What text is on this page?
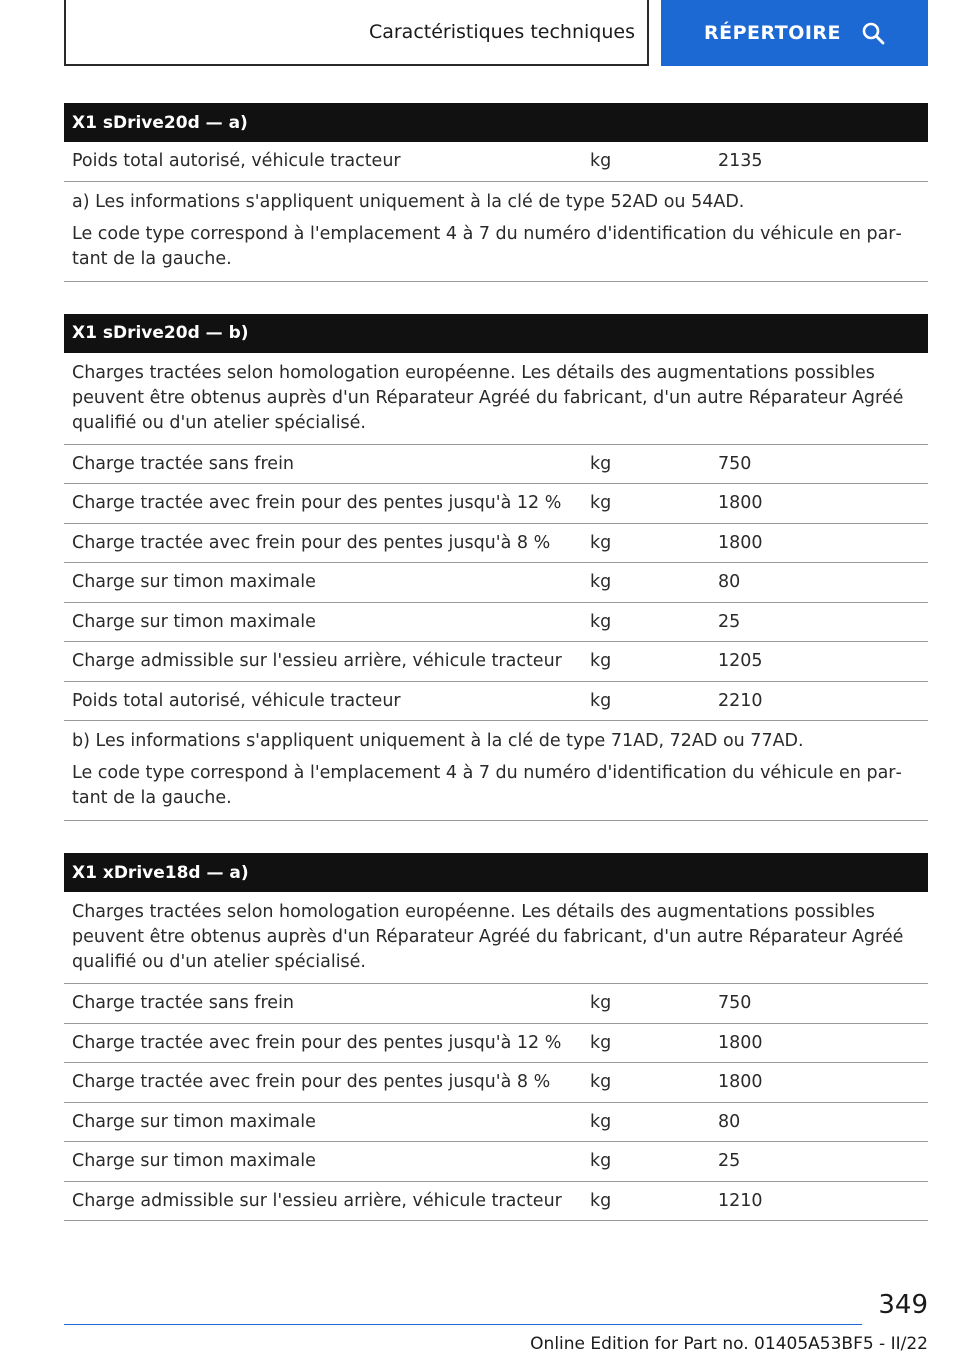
Caractéristiques techniques	RÉPERTOIRE
X1 sDrive20d — a)
Poids total autorisé, véhicule tracteur	kg	2135

a) Les informations s'appliquent uniquement à la clé de type 52AD ou 54AD.

Le code type correspond à l'emplacement 4 à 7 du numéro d'identification du véhicule en partant de la gauche.

X1 sDrive20d — b)
Charges tractées selon homologation européenne. Les détails des augmentations possibles peuvent être obtenus auprès d'un Réparateur Agréé du fabricant, d'un autre Réparateur Agréé qualifié ou d'un atelier spécialisé.
Charge tractée sans frein	kg	750
Charge tractée avec frein pour des pentes jusqu'à 12 %	kg	1800
Charge tractée avec frein pour des pentes jusqu'à 8 %	kg	1800
Charge sur timon maximale	kg	80
Charge sur timon maximale	kg	25
Charge admissible sur l'essieu arrière, véhicule tracteur	kg	1205
Poids total autorisé, véhicule tracteur	kg	2210

b) Les informations s'appliquent uniquement à la clé de type 71AD, 72AD ou 77AD.

Le code type correspond à l'emplacement 4 à 7 du numéro d'identification du véhicule en partant de la gauche.

X1 xDrive18d — a)
Charges tractées selon homologation européenne. Les détails des augmentations possibles peuvent être obtenus auprès d'un Réparateur Agréé du fabricant, d'un autre Réparateur Agréé qualifié ou d'un atelier spécialisé.
Charge tractée sans frein	kg	750
Charge tractée avec frein pour des pentes jusqu'à 12 %	kg	1800
Charge tractée avec frein pour des pentes jusqu'à 8 %	kg	1800
Charge sur timon maximale	kg	80
Charge sur timon maximale	kg	25
Charge admissible sur l'essieu arrière, véhicule tracteur	kg	1210
349
Online Edition for Part no. 01405A53BF5 - II/22
